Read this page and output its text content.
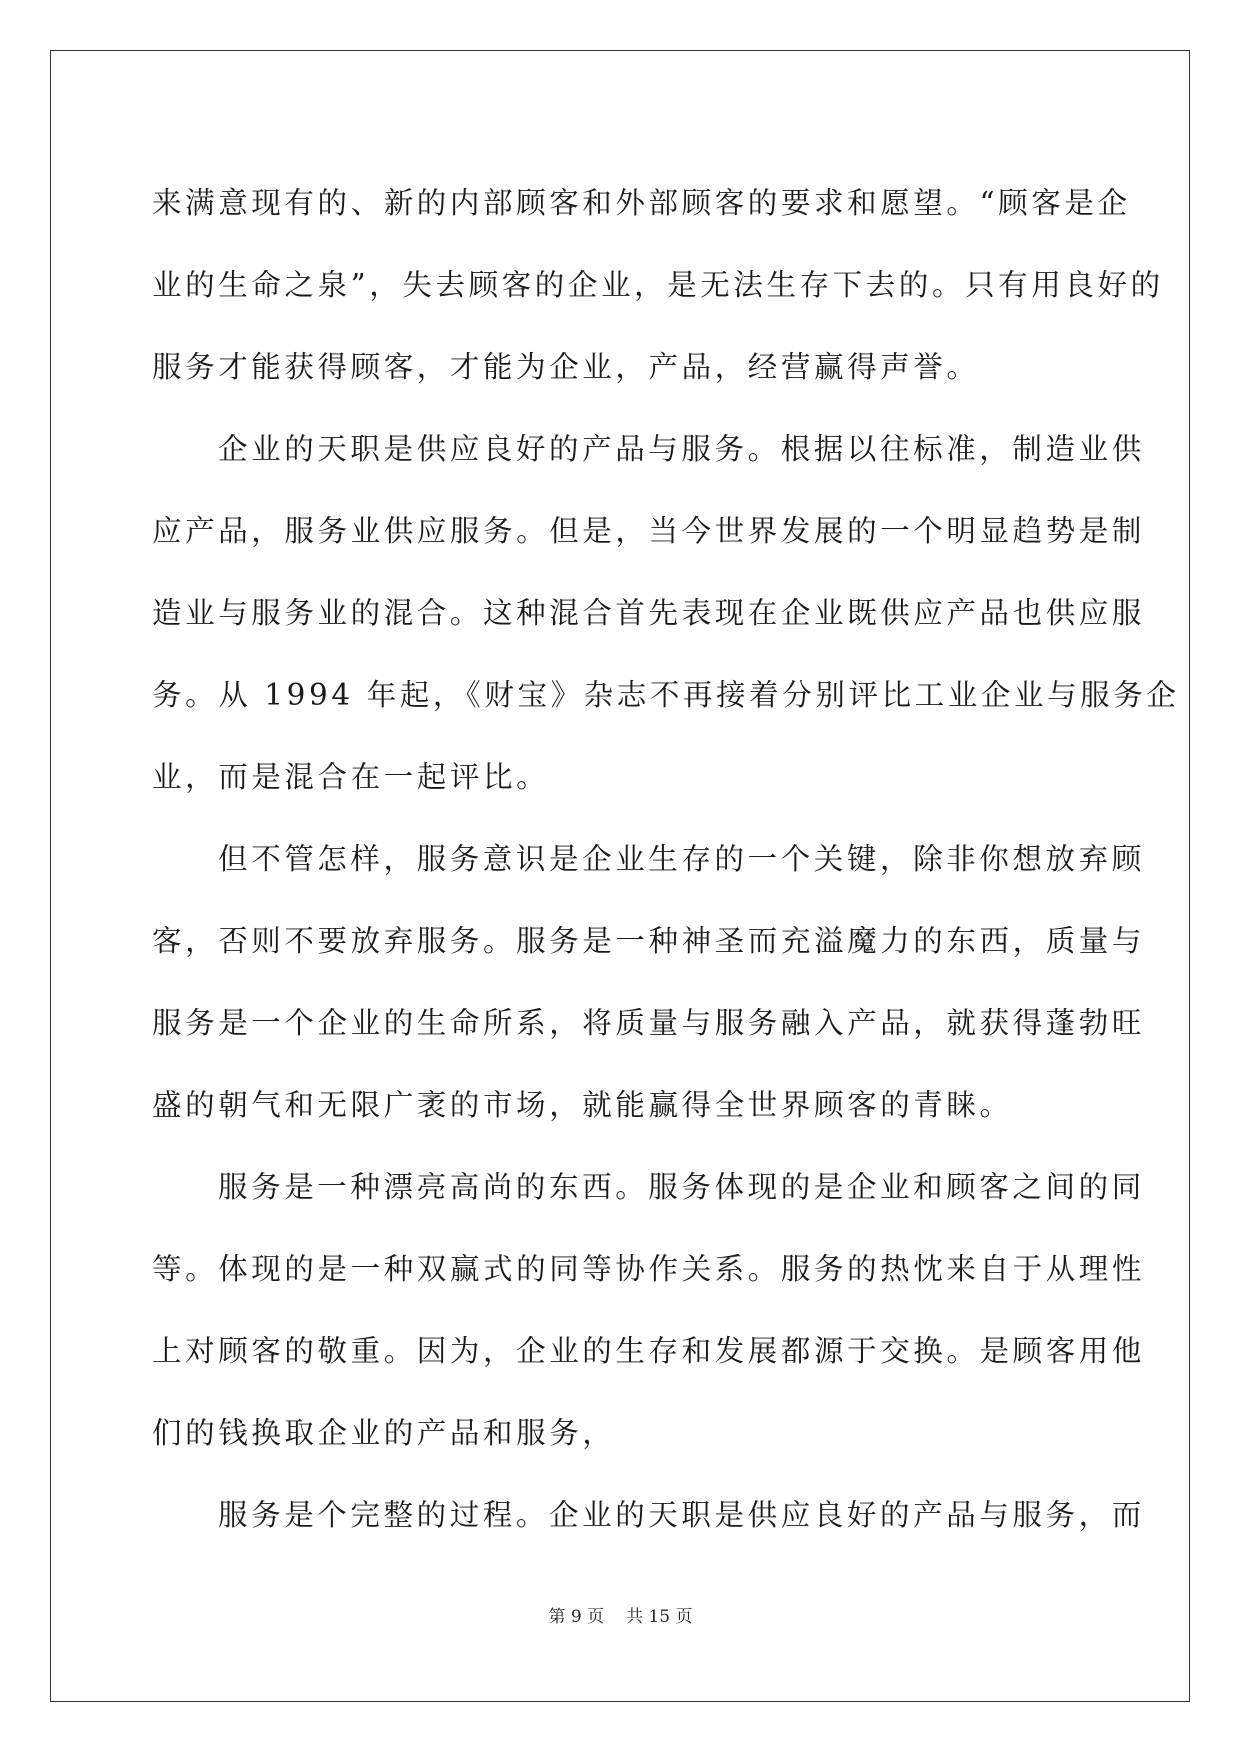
来满意现有的、新的内部顾客和外部顾客的要求和愿望。“顾客是企
业的生命之泉”，失去顾客的企业，是无法生存下去的。只有用良好的
服务才能获得顾客，才能为企业，产品，经营赢得声誉。
企业的天职是供应良好的产品与服务。根据以往标准，制造业供
应产品，服务业供应服务。但是，当今世界发展的一个明显趋势是制
造业与服务业的混合。这种混合首先表现在企业既供应产品也供应服
务。从 1994 年起，《财宝》杂志不再接着分别评比工业企业与服务企
业，而是混合在一起评比。
但不管怎样，服务意识是企业生存的一个关键，除非你想放弃顾
客，否则不要放弃服务。服务是一种神圣而充溢魔力的东西，质量与
服务是一个企业的生命所系，将质量与服务融入产品，就获得蓬勃旺
盛的朝气和无限广袤的市场，就能赢得全世界顾客的青睐。
服务是一种漂亮高尚的东西。服务体现的是企业和顾客之间的同
等。体现的是一种双赢式的同等协作关系。服务的热忱来自于从理性
上对顾客的敬重。因为，企业的生存和发展都源于交换。是顾客用他
们的钱换取企业的产品和服务，
服务是个完整的过程。企业的天职是供应良好的产品与服务，而
第 9 页 共 15 页
